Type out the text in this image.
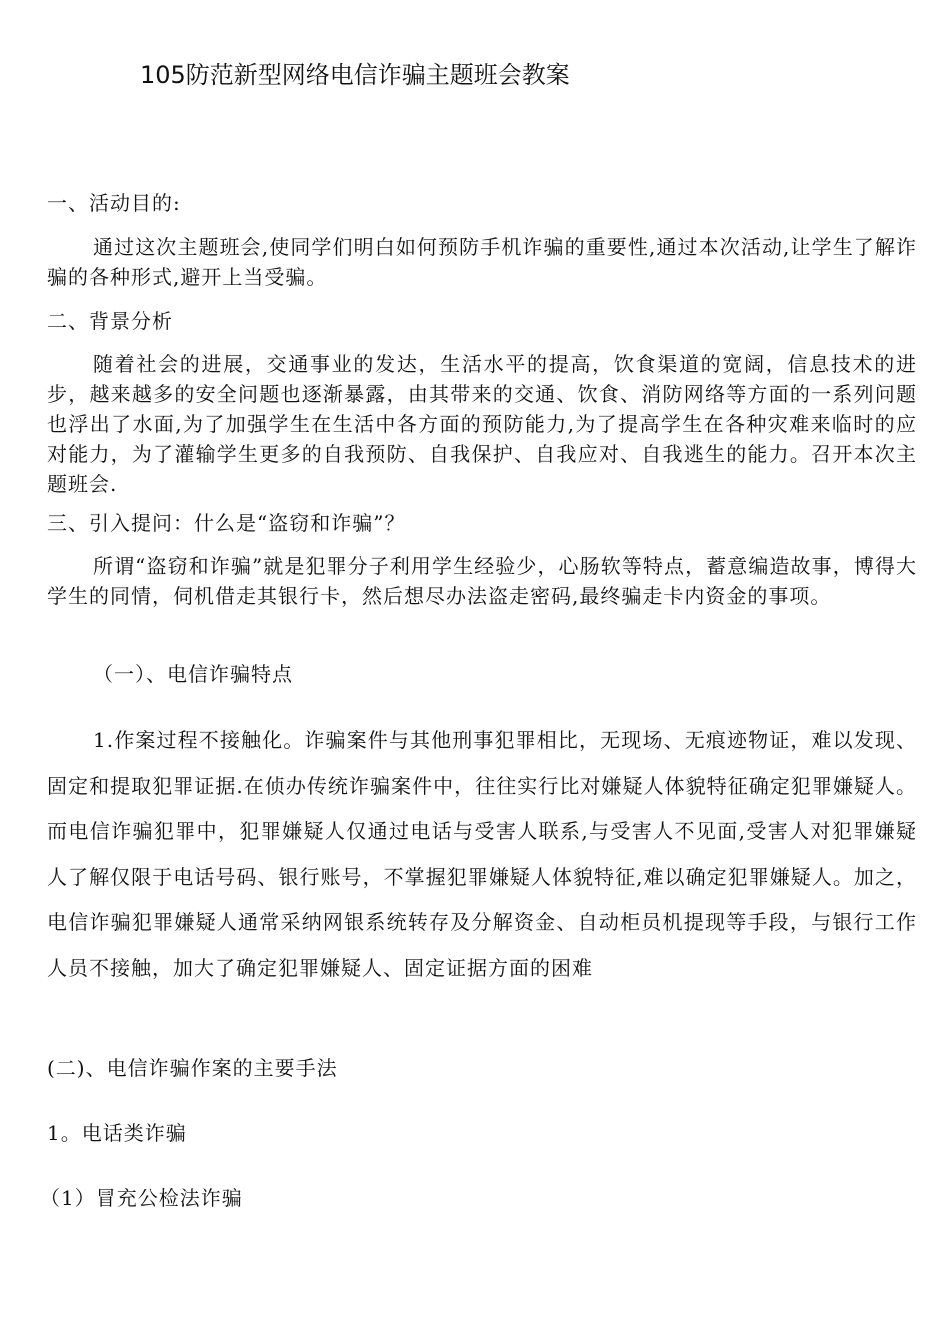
105防范新型网络电信诈骗主题班会教案
一、活动目的:
通过这次主题班会,使同学们明白如何预防手机诈骗的重要性,通过本次活动,让学生了解诈骗的各种形式,避开上当受骗。
二、背景分析
随着社会的进展，交通事业的发达，生活水平的提高，饮食渠道的宽阔，信息技术的进步，越来越多的安全问题也逐渐暴露，由其带来的交通、饮食、消防网络等方面的一系列问题也浮出了水面,为了加强学生在生活中各方面的预防能力,为了提高学生在各种灾难来临时的应对能力，为了灌输学生更多的自我预防、自我保护、自我应对、自我逃生的能力。召开本次主题班会.
三、引入提问：什么是“盗窃和诈骗”？
所谓“盗窃和诈骗”就是犯罪分子利用学生经验少，心肠软等特点，蓄意编造故事，博得大学生的同情，伺机借走其银行卡，然后想尽办法盗走密码,最终骗走卡内资金的事项。
（一）、电信诈骗特点
1.作案过程不接触化。诈骗案件与其他刑事犯罪相比，无现场、无痕迹物证，难以发现、固定和提取犯罪证据.在侦办传统诈骗案件中，往往实行比对嫌疑人体貌特征确定犯罪嫌疑人。而电信诈骗犯罪中，犯罪嫌疑人仅通过电话与受害人联系,与受害人不见面,受害人对犯罪嫌疑人了解仅限于电话号码、银行账号，不掌握犯罪嫌疑人体貌特征,难以确定犯罪嫌疑人。加之，电信诈骗犯罪嫌疑人通常采纳网银系统转存及分解资金、自动柜员机提现等手段，与银行工作人员不接触，加大了确定犯罪嫌疑人、固定证据方面的困难
(二)、电信诈骗作案的主要手法
1。电话类诈骗
（1）冒充公检法诈骗
